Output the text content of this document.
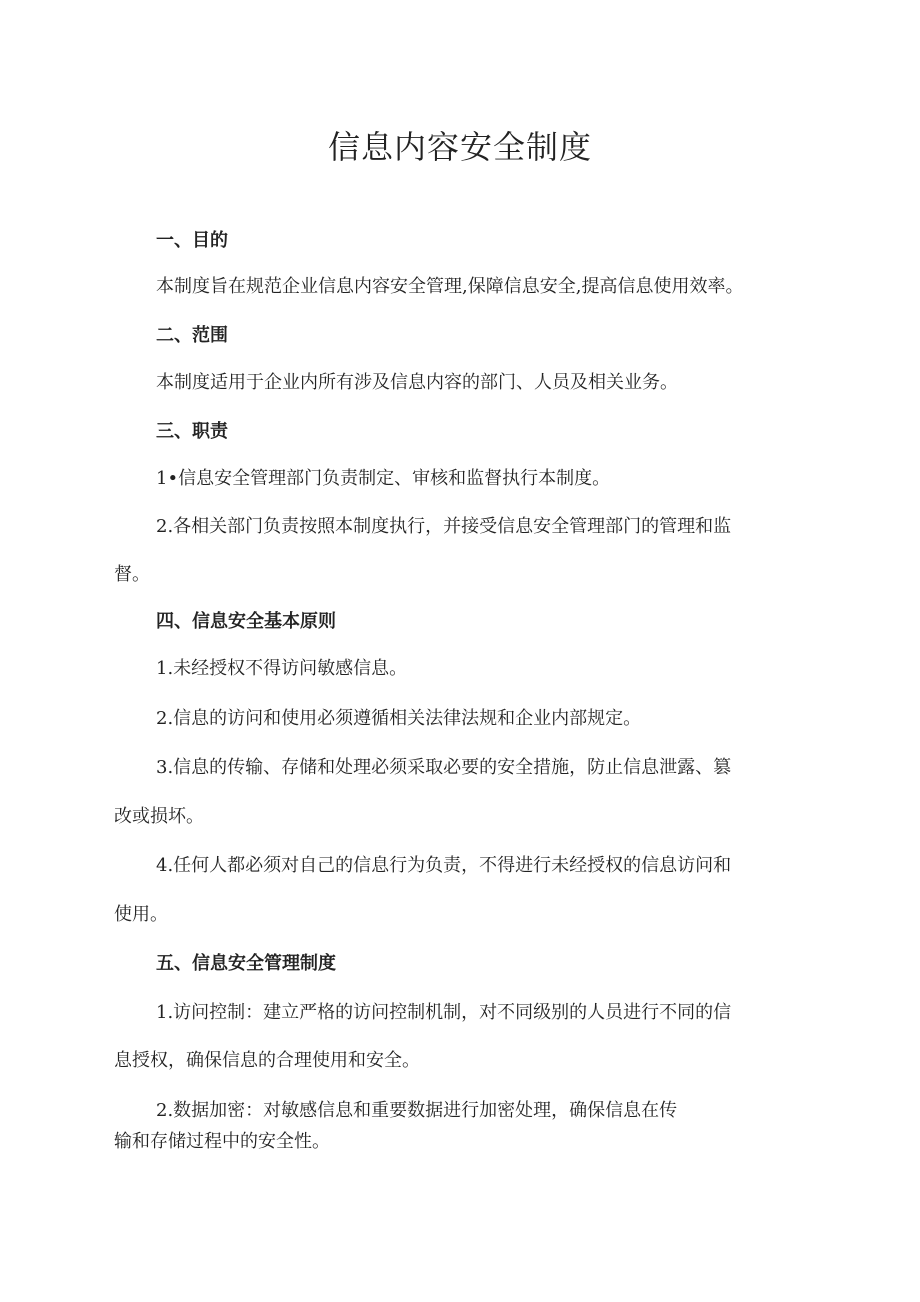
信息内容安全制度
一、目的
本制度旨在规范企业信息内容安全管理,保障信息安全,提高信息使用效率。
二、范围
本制度适用于企业内所有涉及信息内容的部门、人员及相关业务。
三、职责
1•信息安全管理部门负责制定、审核和监督执行本制度。
2.各相关部门负责按照本制度执行，并接受信息安全管理部门的管理和监
督。
四、信息安全基本原则
1.未经授权不得访问敏感信息。
2.信息的访问和使用必须遵循相关法律法规和企业内部规定。
3.信息的传输、存储和处理必须采取必要的安全措施，防止信息泄露、篡
改或损坏。
4.任何人都必须对自己的信息行为负责，不得进行未经授权的信息访问和
使用。
五、信息安全管理制度
1.访问控制：建立严格的访问控制机制，对不同级别的人员进行不同的信
息授权，确保信息的合理使用和安全。
2.数据加密：对敏感信息和重要数据进行加密处理，确保信息在传
输和存储过程中的安全性。
